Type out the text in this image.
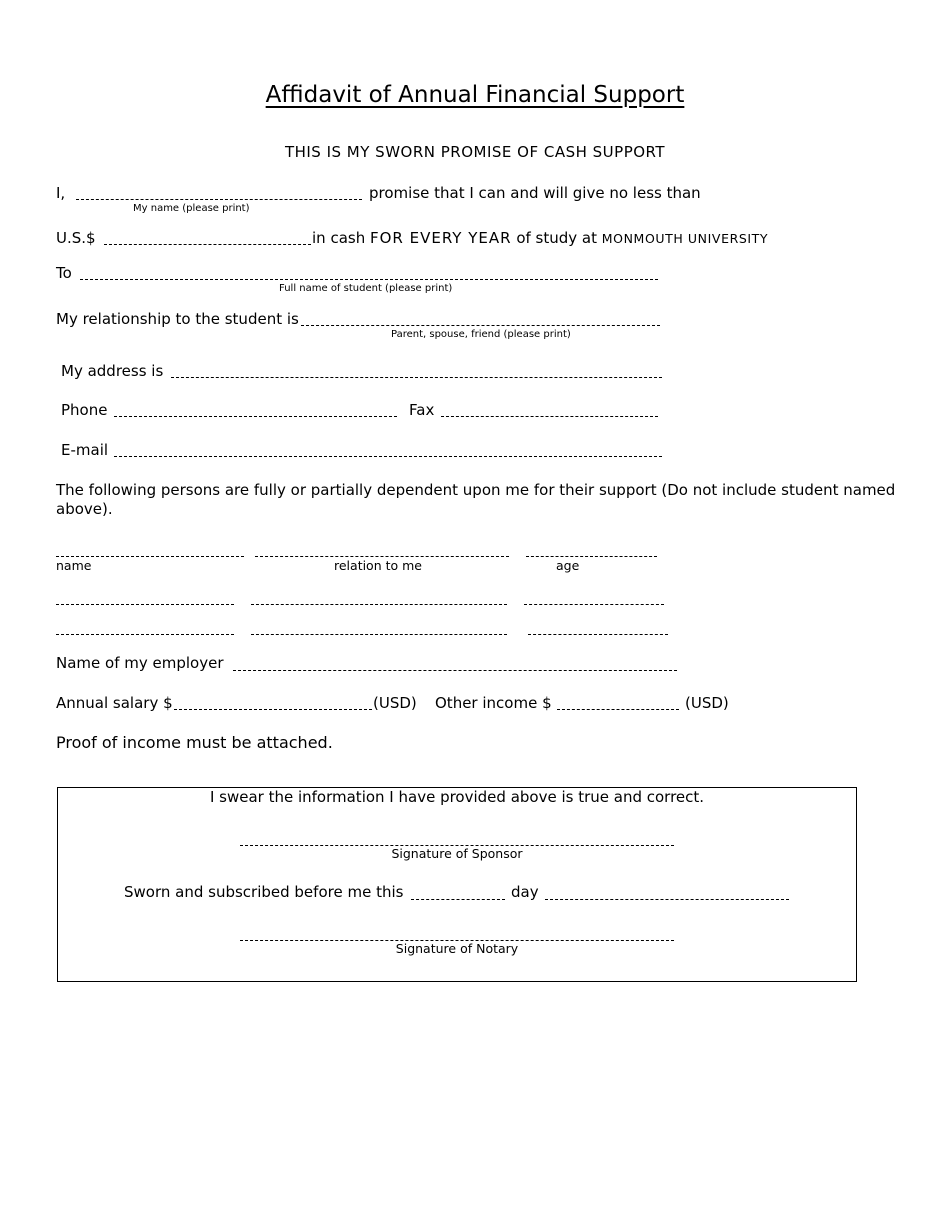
Affidavit of Annual Financial Support
THIS IS MY SWORN PROMISE OF CASH SUPPORT
I,	promise that I can and will give no less than
My name (please print)
U.S.$	in cash FOR EVERY YEAR of study at MONMOUTH UNIVERSITY
To
Full name of student (please print)
My relationship to the student is
Parent, spouse, friend (please print)
My address is
Phone	Fax
E-mail
The following persons are fully or partially dependent upon me for their support (Do not include student named above).
name	relation to me	age
Name of my employer
Annual salary $	(USD) Other income $	(USD)
Proof of income must be attached.
I swear the information I have provided above is true and correct.
Signature of Sponsor
Sworn and subscribed before me this	day
Signature of Notary
